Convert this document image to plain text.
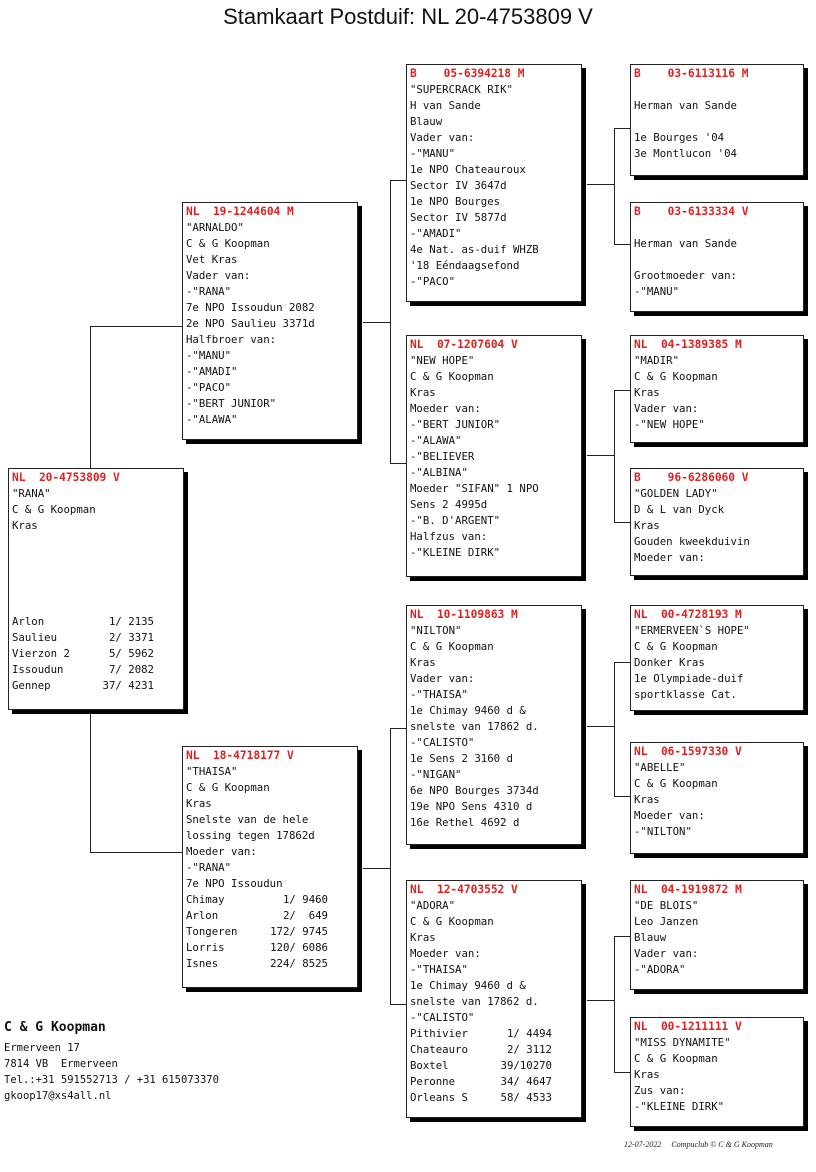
Stamkaart Postduif: NL 20-4753809 V
NL  20-4753809 V
"RANA"
C & G Koopman
Kras
Arlon	1/ 2135
Saulieu	2/ 3371
Vierzon 2	5/ 5962
Issoudun	7/ 2082
Gennep	37/ 4231
NL  19-1244604 M
"ARNALDO"
C & G Koopman
Vet Kras
Vader van:
-"RANA"
7e NPO Issoudun 2082
2e NPO Saulieu 3371d
Halfbroer van:
-"MANU"
-"AMADI"
-"PACO"
-"BERT JUNIOR"
-"ALAWA"
NL  18-4718177 V
"THAISA"
C & G Koopman
Kras
Snelste van de hele
lossing tegen 17862d
Moeder van:
-"RANA"
7e NPO Issoudun
Chimay	1/ 9460
Arlon	2/  649
Tongeren	172/ 9745
Lorris	120/ 6086
Isnes	224/ 8525
B    05-6394218 M
"SUPERCRACK RIK"
H van Sande
Blauw
Vader van:
-"MANU"
1e NPO Chateauroux
Sector IV 3647d
1e NPO Bourges
Sector IV 5877d
-"AMADI"
4e Nat. as-duif WHZB
'18 Eéndaagsefond
-"PACO"
NL  07-1207604 V
"NEW HOPE"
C & G Koopman
Kras
Moeder van:
-"BERT JUNIOR"
-"ALAWA"
-"BELIEVER
-"ALBINA"
Moeder "SIFAN" 1 NPO
Sens 2 4995d
-"B. D'ARGENT"
Halfzus van:
-"KLEINE DIRK"
NL  10-1109863 M
"NILTON"
C & G Koopman
Kras
Vader van:
-"THAISA"
1e Chimay 9460 d &
snelste van 17862 d.
-"CALISTO"
1e Sens 2 3160 d
-"NIGAN"
6e NPO Bourges 3734d
19e NPO Sens 4310 d
16e Rethel 4692 d
NL  12-4703552 V
"ADORA"
C & G Koopman
Kras
Moeder van:
-"THAISA"
1e Chimay 9460 d &
snelste van 17862 d.
-"CALISTO"
Pithivier	1/ 4494
Chateauro	2/ 3112
Boxtel	39/10270
Peronne	34/ 4647
Orleans S	58/ 4533
B    03-6113116 M
Herman van Sande
1e Bourges '04
3e Montlucon '04
B    03-6133334 V
Herman van Sande
Grootmoeder van:
-"MANU"
NL  04-1389385 M
"MADIR"
C & G Koopman
Kras
Vader van:
-"NEW HOPE"
B    96-6286060 V
"GOLDEN LADY"
D & L van Dyck
Kras
Gouden kweekduivin
Moeder van:
NL  00-4728193 M
"ERMERVEEN`S HOPE"
C & G Koopman
Donker Kras
1e Olympiade-duif
sportklasse Cat.
NL  06-1597330 V
"ABELLE"
C & G Koopman
Kras
Moeder van:
-"NILTON"
NL  04-1919872 M
"DE BLOIS"
Leo Janzen
Blauw
Vader van:
-"ADORA"
NL  00-1211111 V
"MISS DYNAMITE"
C & G Koopman
Kras
Zus van:
-"KLEINE DIRK"
C & G Koopman
Ermerveen 17
7814 VB  Ermerveen
Tel.:+31 591552713 / +31 615073370
gkoop17@xs4all.nl
12-07-2022 Compuclub © C & G Koopman
